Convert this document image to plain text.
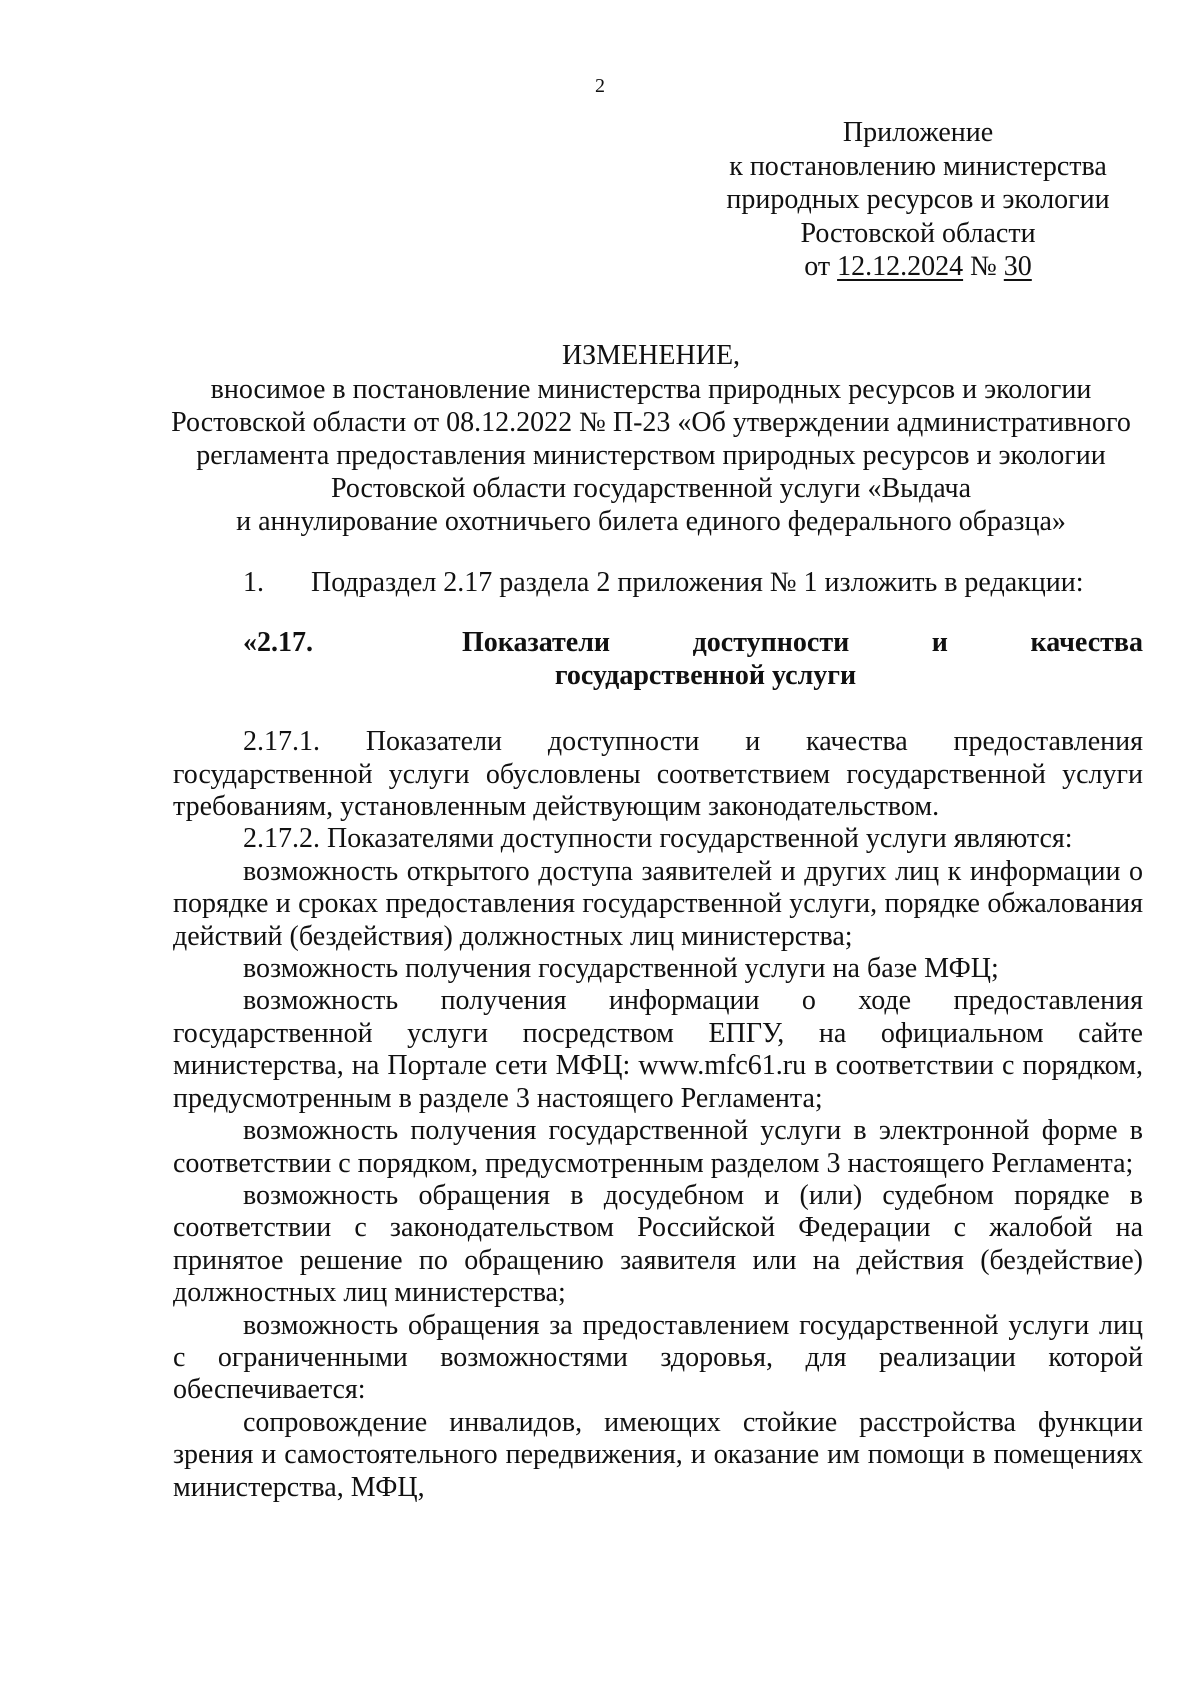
2
Приложение
к постановлению министерства
природных ресурсов и экологии
Ростовской области
от 12.12.2024 № 30
ИЗМЕНЕНИЕ,
вносимое в постановление министерства природных ресурсов и экологии
Ростовской области от 08.12.2022 № П-23 «Об утверждении административного
регламента предоставления министерством природных ресурсов и экологии
Ростовской области государственной услуги «Выдача
и аннулирование охотничьего билета единого федерального образца»
1.	Подраздел 2.17 раздела 2 приложения № 1 изложить в редакции:
«2.17.	Показатели доступности и качества
государственной услуги

2.17.1. Показатели доступности и качества предоставления государственной услуги обусловлены соответствием государственной услуги требованиям, установленным действующим законодательством.

2.17.2. Показателями доступности государственной услуги являются:

возможность открытого доступа заявителей и других лиц к информации о порядке и сроках предоставления государственной услуги, порядке обжалования действий (бездействия) должностных лиц министерства;

возможность получения государственной услуги на базе МФЦ;

возможность получения информации о ходе предоставления государственной услуги посредством ЕПГУ, на официальном сайте министерства, на Портале сети МФЦ: www.mfc61.ru в соответствии с порядком, предусмотренным в разделе 3 настоящего Регламента;

возможность получения государственной услуги в электронной форме в соответствии с порядком, предусмотренным разделом 3 настоящего Регламента;

возможность обращения в досудебном и (или) судебном порядке в соответствии с законодательством Российской Федерации с жалобой на принятое решение по обращению заявителя или на действия (бездействие) должностных лиц министерства;

возможность обращения за предоставлением государственной услуги лиц с ограниченными возможностями здоровья, для реализации которой обеспечивается:

сопровождение инвалидов, имеющих стойкие расстройства функции зрения и самостоятельного передвижения, и оказание им помощи в помещениях министерства, МФЦ,
